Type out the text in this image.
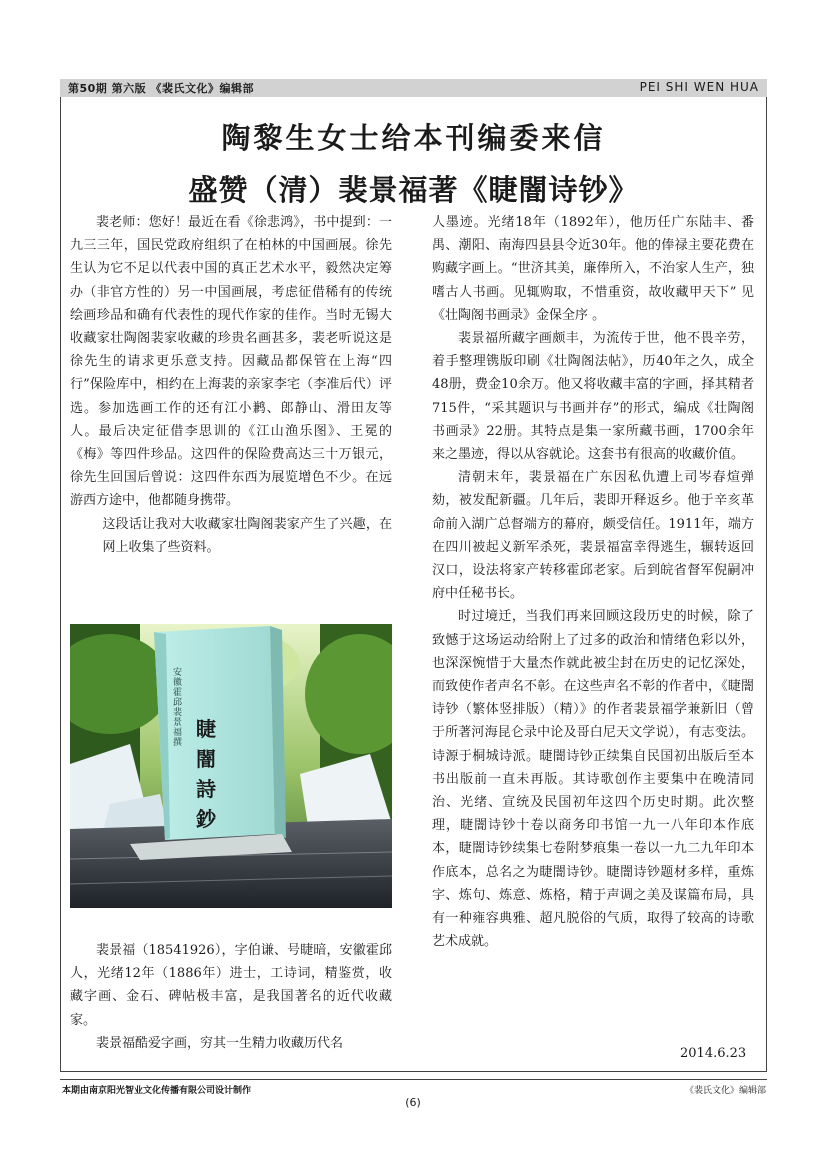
第50期 第六版 《裴氏文化》编辑部	PEI SHI WEN HUA
陶黎生女士给本刊编委来信
盛赞（清）裴景福著《睫闇诗钞》

裴老师：您好！最近在看《徐悲鸿》，书中提到：一九三三年，国民党政府组织了在柏林的中国画展。徐先生认为它不足以代表中国的真正艺术水平，毅然决定筹办（非官方性的）另一中国画展，考虑征借稀有的传统绘画珍品和确有代表性的现代作家的佳作。当时无锡大收藏家壮陶阁裴家收藏的珍贵名画甚多，裴老听说这是徐先生的请求更乐意支持。因藏品都保管在上海“四行”保险库中，相约在上海裴的亲家李宅（李准后代）评选。参加选画工作的还有江小鹣、郎静山、滑田友等人。最后决定征借李思训的《江山渔乐图》、王冕的《梅》等四件珍品。这四件的保险费高达三十万银元，徐先生回国后曾说：这四件东西为展览增色不少。在远游西方途中，他都随身携带。

这段话让我对大收藏家壮陶阁裴家产生了兴趣，在网上收集了些资料。

安徽霍邱裴景福撰
睫闇詩鈔

裴景福（18541926），字伯谦、号睫暗，安徽霍邱人，光绪12年（1886年）进士，工诗词，精鉴赏，收藏字画、金石、碑帖极丰富，是我国著名的近代收藏家。

裴景福酷爱字画，穷其一生精力收藏历代名

人墨迹。光绪18年（1892年），他历任广东陆丰、番禺、潮阳、南海四县县令近30年。他的俸禄主要花费在购藏字画上。“世济其美，廉俸所入，不治家人生产，独嗜古人书画。见辄购取，不惜重资，故收藏甲天下” 见《壮陶阁书画录》金保全序 。

裴景福所藏字画颇丰，为流传于世，他不畏辛劳，着手整理镌版印刷《壮陶阁法帖》，历40年之久，成全48册，费金10余万。他又将收藏丰富的字画，择其精者715件，“采其题识与书画并存”的形式，编成《壮陶阁书画录》22册。其特点是集一家所藏书画，1700余年来之墨迹，得以从容就论。这套书有很高的收藏价值。

清朝末年，裴景福在广东因私仇遭上司岑春煊弹劾，被发配新疆。几年后，裴即开释返乡。他于辛亥革命前入湖广总督端方的幕府，颇受信任。1911年，端方在四川被起义新军杀死，裴景福富幸得逃生，辗转返回汉口，设法将家产转移霍邱老家。后到皖省督军倪嗣冲府中任秘书长。

时过境迁，当我们再来回顾这段历史的时候，除了致憾于这场运动给附上了过多的政治和情绪色彩以外，也深深惋惜于大量杰作就此被尘封在历史的记忆深处，而致使作者声名不彰。在这些声名不彰的作者中，《睫闇诗钞（繁体竖排版）（精）》的作者裴景福学兼新旧（曾于所著河海昆仑录中论及哥白尼天文学说），有志变法。诗源于桐城诗派。睫闇诗钞正续集自民国初出版后至本书出版前一直未再版。其诗歌创作主要集中在晚清同治、光绪、宣统及民国初年这四个历史时期。此次整理，睫闇诗钞十卷以商务印书馆一九一八年印本作底本，睫闇诗钞续集七卷附梦痕集一卷以一九二九年印本作底本，总名之为睫闇诗钞。睫闇诗钞题材多样，重炼字、炼句、炼意、炼格，精于声调之美及谋篇布局，具有一种雍容典雅、超凡脱俗的气质，取得了较高的诗歌艺术成就。

2014.6.23
本期由南京阳光智业文化传播有限公司设计制作	《裴氏文化》编辑部
(6)
